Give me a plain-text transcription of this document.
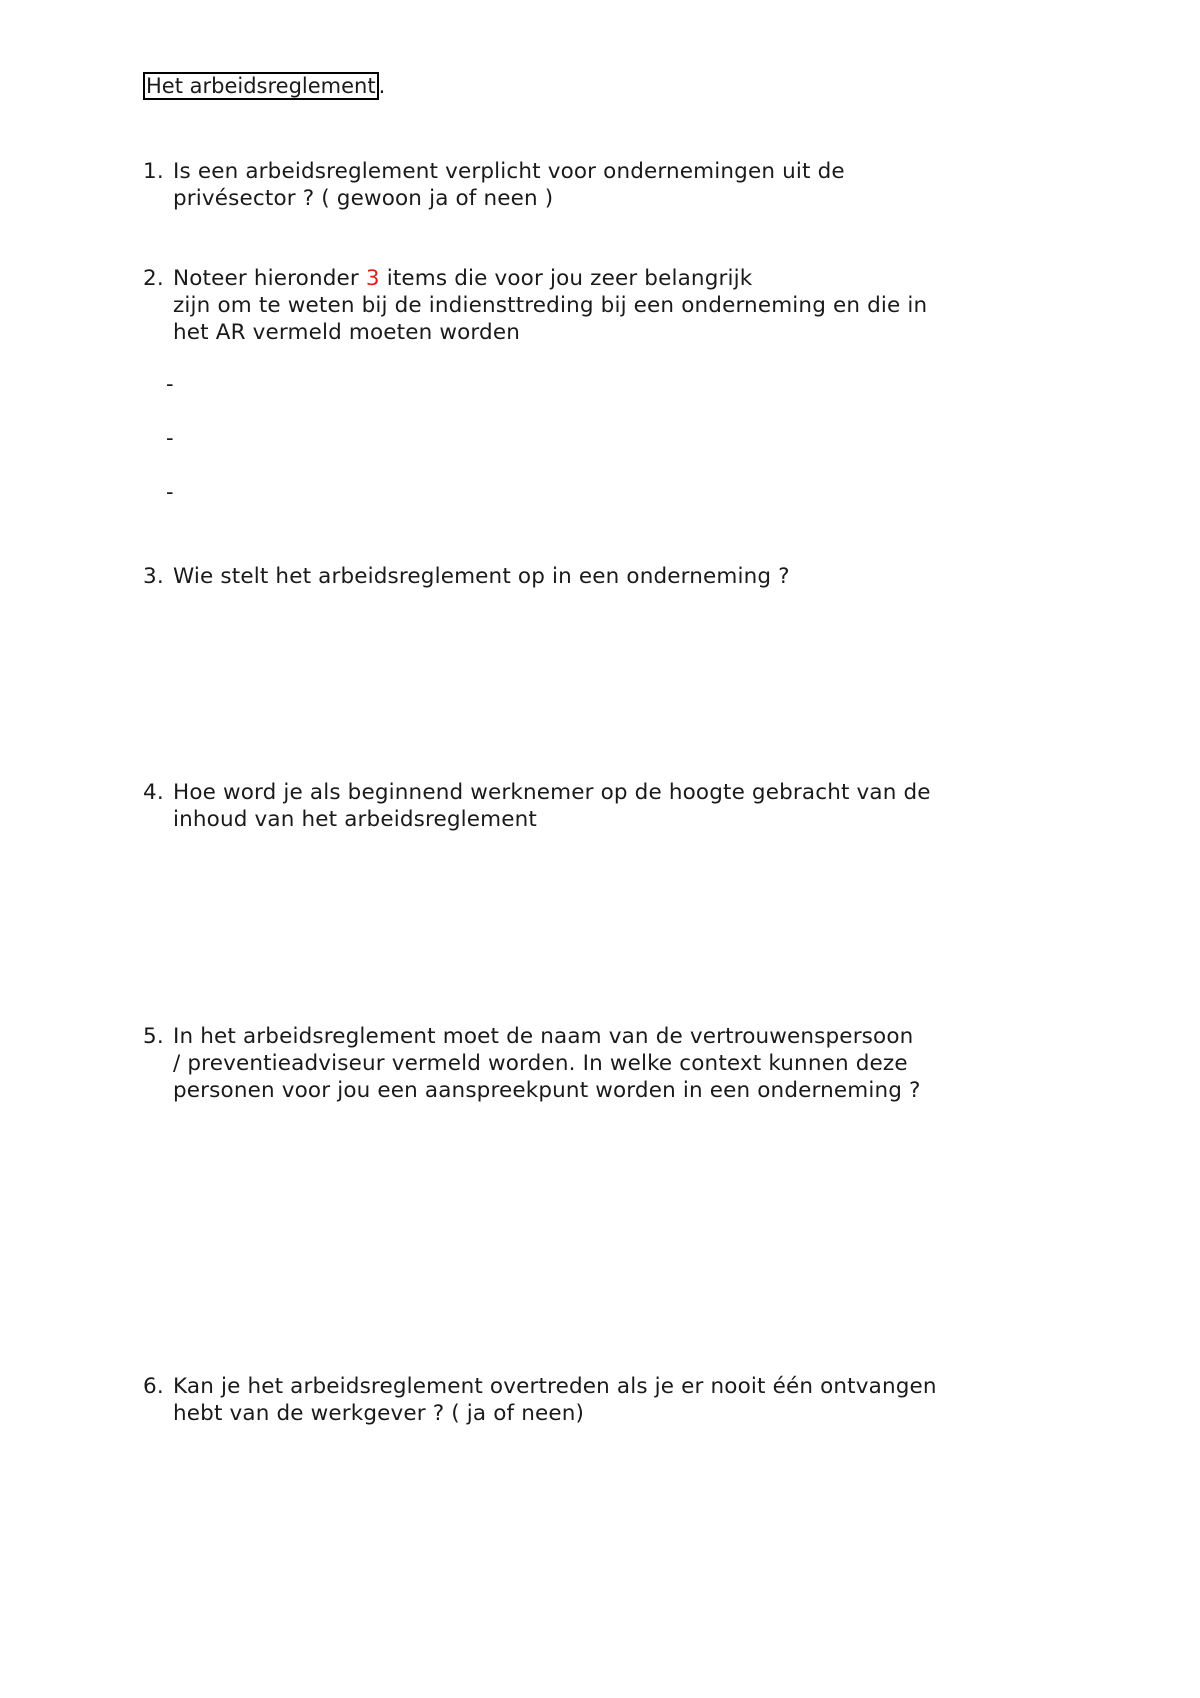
Het arbeidsreglement .
1. Is een arbeidsreglement verplicht voor ondernemingen uit de
privésector ? ( gewoon ja of neen )
2. Noteer hieronder 3 items die voor jou zeer belangrijk
zijn om te weten bij de indiensttreding bij een onderneming en die in
het AR vermeld moeten worden
-
-
-
3. Wie stelt het arbeidsreglement op in een onderneming ?
4. Hoe word je als beginnend werknemer op de hoogte gebracht van de
inhoud van het arbeidsreglement
5. In het arbeidsreglement moet de naam van de vertrouwenspersoon
/ preventieadviseur vermeld worden. In welke context kunnen deze
personen voor jou een aanspreekpunt worden in een onderneming ?
6. Kan je het arbeidsreglement overtreden als je er nooit één ontvangen
hebt van de werkgever ? ( ja of neen)
